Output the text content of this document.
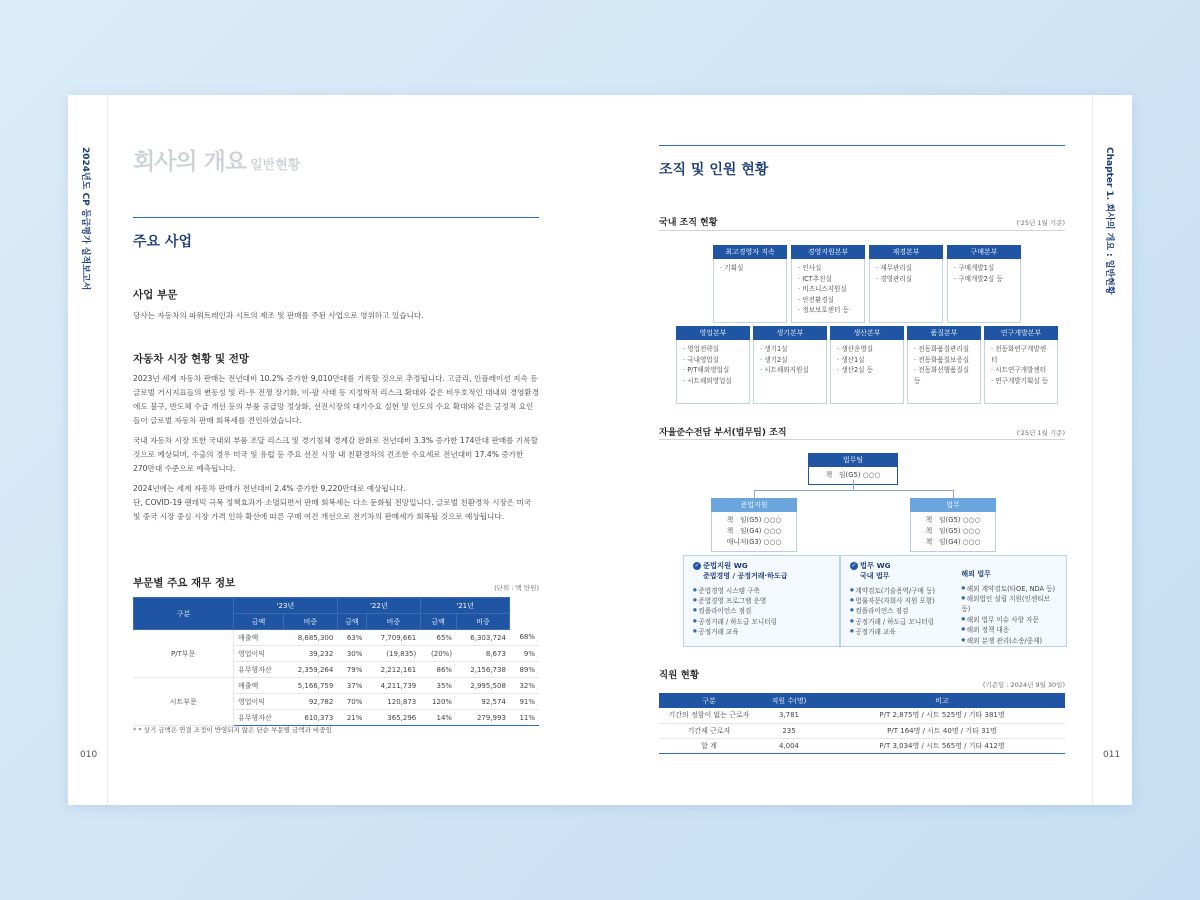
2024년도 CP 등급평가 실적보고서	Chapter 1. 회사의 개요 : 일반현황
010	011
회사의 개요 일반현황
주요 사업
사업 부문
당사는 자동차의 파워트레인과 시트의 제조 및 판매를 주된 사업으로 영위하고 있습니다.
자동차 시장 현황 및 전망

2023년 세계 자동차 판매는 전년대비 10.2% 증가한 9,010만대를 기록할 것으로 추정됩니다. 고금리, 인플레이션 지속 등 글로벌 거시지표들의 변동성 및 러-우 전쟁 장기화, 이-팔 사태 등 지정학적 리스크 확대와 같은 비우호적인 대내외 경영환경에도 불구, 반도체 수급 개선 등의 부품 공급망 정상화, 선진시장의 대기수요 실현 및 인도의 수요 확대와 같은 긍정적 요인들이 글로벌 자동차 판매 회복세를 견인하였습니다.

국내 자동차 시장 또한 국내외 부품 조달 리스크 및 경기침체 경계감 완화로 전년대비 3.3% 증가한 174만대 판매를 기록할 것으로 예상되며, 수출의 경우 미국 및 유럽 등 주요 선진 시장 내 친환경차의 견조한 수요세로 전년대비 17.4% 증가한 270만대 수준으로 예측됩니다.

2024년에는 세계 자동차 판매가 전년대비 2.4% 증가한 9,220만대로 예상됩니다.

단, COVID-19 팬데믹 극복 정책효과가 소멸되면서 판매 회복세는 다소 둔화될 전망입니다. 글로벌 친환경차 시장은 미국 및 중국 시장 중심 시장 가격 인하 확산에 따른 구매 여건 개선으로 전기차의 판매세가 회복될 것으로 예상됩니다.

부문별 주요 재무 정보	(단위 : 백 만원)
구분	'23년		'22년		'21년		
	금액	비중	금액	비중	금액	비중	
P/T부문	매출액	8,685,300	63%	7,709,661	65%	6,303,724	68%
	영업이익	39,232	30%	(19,835)	(20%)	8,673	9%
	유무형자산	2,359,264	79%	2,212,161	86%	2,156,738	89%
시트부문	매출액	5,166,759	37%	4,211,739	35%	2,995,508	32%
	영업이익	92,782	70%	120,873	120%	92,574	91%
	유무형자산	610,373	21%	365,296	14%	279,993	11%
* * 상기 금액은 연결 조정이 반영되지 않은 단순 부문별 금액과 비중임
조직 및 인원 현황
국내 조직 현황	('25년 1월 기준)
최고경영자 직속
· 기획실
경영지원본부
· 인사실
· ICT추진실
· 비즈니스지원실
· 안전환경실
· 정보보호센터 등
재경본부
· 재무관리실
· 경영관리실
구매본부
· 구매개발1실
· 구매개발2실 등
영업본부
· 영업전략실
· 국내영업실
· P/T해외영업실
· 시트해외영업실
생기본부
· 생기1실
· 생기2실
· 시트해외지원실
생산본부
· 생산운영실
· 생산1실
· 생산2실 등
품질본부
· 전동화품질관리실
· 전동화품질보증실
· 전동화선행품질실 등
연구개발본부
· 전동화연구개발센터
· 시트연구개발센터
· 연구개발기획실 등
자율준수전담 부서(법무팀) 조직	('25년 1월 기준)
법무팀
책　임(G5) ○○○
준법지원
책　임(G5) ○○○
책　임(G4) ○○○
매니저(G3) ○○○
법무
책　임(G5) ○○○
책　임(G5) ○○○
책　임(G4) ○○○
✓ 준법지원 WG
준법경영 / 공정거래·하도급
● 준법경영 시스템 구축
● 준법경영 프로그램 운영
● 컴플라이언스 점검
● 공정거래 / 하도급 모니터링
● 공정거래 교육
✓ 법무 WG
국내 법무
● 계약검토(기술용역/구매 등)
● 법률자문(자회사 지원 포함)
● 컴플라이언스 점검
● 공정거래 / 하도급 모니터링
● 공정거래 교육
해외 법무
● 해외 계약검토(타OE, NDA 등)
● 해외법인 설립 지원(인센티브 등)
● 해외 법무 이슈 사항 자문
● 해외 정책 대응
● 해외 분쟁 관리(소송/중재)
직원 현황
(기준일 : 2024년 9월 30일)
구분	직원 수(명)	비고
기간의 정함이 없는 근로자	3,781	P/T 2,875명 / 시트 525명 / 기타 381명
기간제 근로자	235	P/T 164명 / 시트 40명 / 기타 31명
합 계	4,004	P/T 3,034명 / 시트 565명 / 기타 412명
